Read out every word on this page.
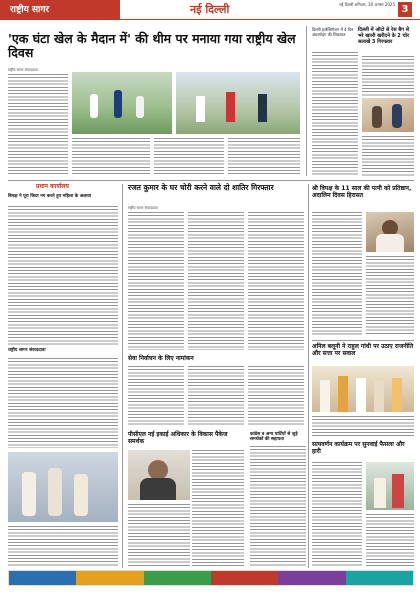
राष्ट्रीय सागर	नई दिल्ली	नई दिल्ली शनिवार, 30 अगस्त 2025 3
'एक घंटा खेल के मैदान में' की थीम पर मनाया गया राष्ट्रीय खेल दिवस
राष्ट्रीय सागर संवाददाता
दिल्ली इन्वेस्टिगेशन में 4 दिन अंडरगोइंग की शिकायत
दिल्ली में ऑटो से रेस बैग से भरे खाली खरीदने के 2 चोर सलाखें 3 गिरफ्तार
प्रधान कार्यालय
बिपक्ष ने पूरा किया नग करते हुए महिला के अलावा
राष्ट्रीय सागर संवाददाता
रजत कुमार के घर चोरी करने वाले दो शातिर गिरफ्तार
राष्ट्रीय सागर संवाददाता
सेवा निर्वाचन के लिए नामांकन
पीसीएल नई इकाई अधिकार के विकास पैकेज समर्थक
कांग्रेस व अन्य पार्टियों से जुड़े समर्थकों की सहायता
श्री विपक्ष के 11 साल की पत्नी को प्रतिष्ठान, अदालिम दिवस हिरासत
अनिल बलूनी ने राहुल गांधी पर उठाए राजनीति और सत्ता पर सवाल
सत्यवर्णन कार्यक्रम पर सुनवाई फैसला और हारी
